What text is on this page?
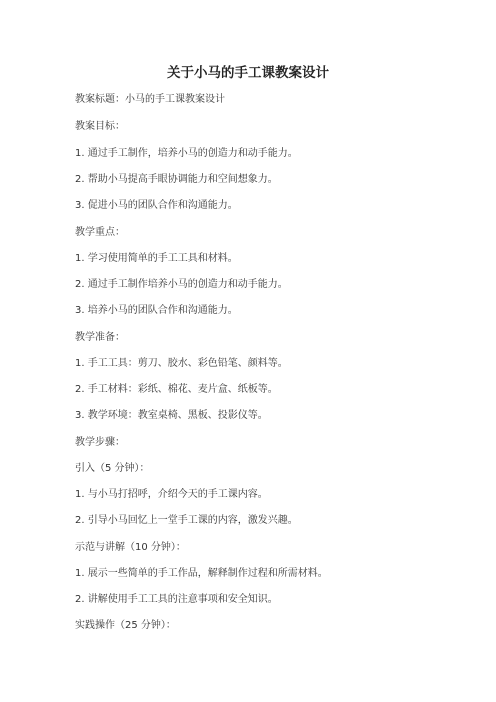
关于小马的手工课教案设计
教案标题：小马的手工课教案设计
教案目标：
1. 通过手工制作，培养小马的创造力和动手能力。
2. 帮助小马提高手眼协调能力和空间想象力。
3. 促进小马的团队合作和沟通能力。
教学重点：
1. 学习使用简单的手工工具和材料。
2. 通过手工制作培养小马的创造力和动手能力。
3. 培养小马的团队合作和沟通能力。
教学准备：
1. 手工工具：剪刀、胶水、彩色铅笔、颜料等。
2. 手工材料：彩纸、棉花、麦片盒、纸板等。
3. 教学环境：教室桌椅、黑板、投影仪等。
教学步骤：
引入（5 分钟）：
1. 与小马打招呼，介绍今天的手工课内容。
2. 引导小马回忆上一堂手工课的内容，激发兴趣。
示范与讲解（10 分钟）：
1. 展示一些简单的手工作品，解释制作过程和所需材料。
2. 讲解使用手工工具的注意事项和安全知识。
实践操作（25 分钟）：
